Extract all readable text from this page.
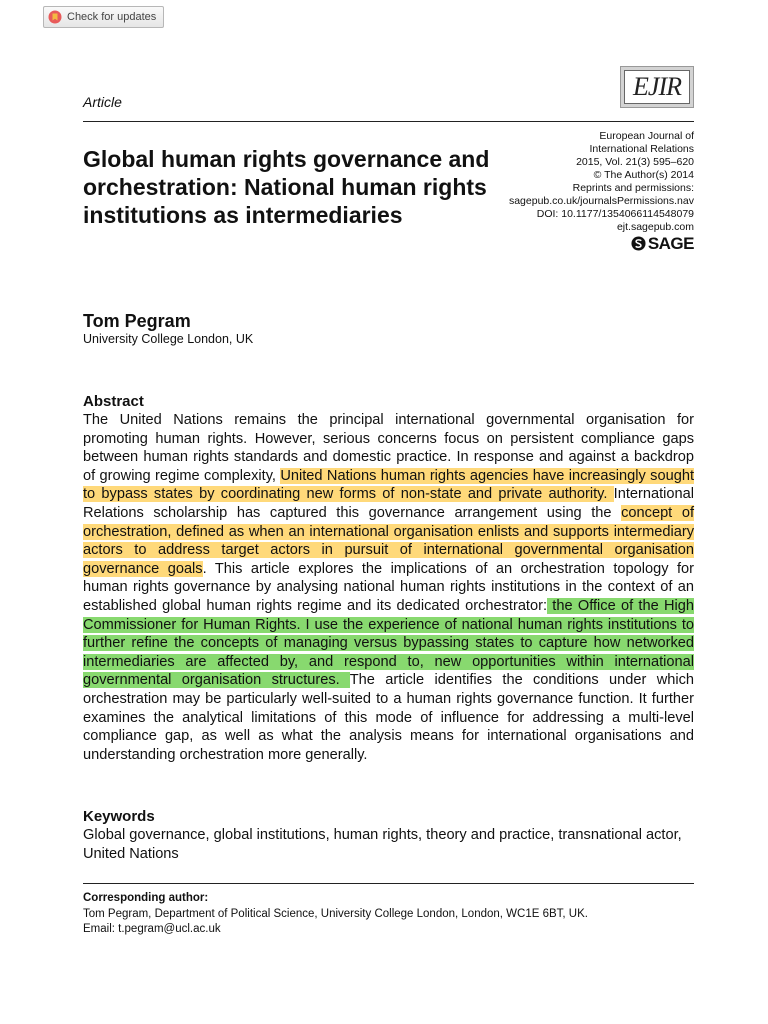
Check for updates
Article
EJIR
Global human rights governance and orchestration: National human rights institutions as intermediaries
European Journal of
International Relations
2015, Vol. 21(3) 595–620
© The Author(s) 2014
Reprints and permissions:
sagepub.co.uk/journalsPermissions.nav
DOI: 10.1177/1354066114548079
ejt.sagepub.com
SAGE
Tom Pegram
University College London, UK
Abstract

The United Nations remains the principal international governmental organisation for promoting human rights. However, serious concerns focus on persistent compliance gaps between human rights standards and domestic practice. In response and against a backdrop of growing regime complexity, United Nations human rights agencies have increasingly sought to bypass states by coordinating new forms of non-state and private authority. International Relations scholarship has captured this governance arrangement using the concept of orchestration, defined as when an international organisation enlists and supports intermediary actors to address target actors in pursuit of international governmental organisation governance goals. This article explores the implications of an orchestration topology for human rights governance by analysing national human rights institutions in the context of an established global human rights regime and its dedicated orchestrator: the Office of the High Commissioner for Human Rights. I use the experience of national human rights institutions to further refine the concepts of managing versus bypassing states to capture how networked intermediaries are affected by, and respond to, new opportunities within international governmental organisation structures. The article identifies the conditions under which orchestration may be particularly well-suited to a human rights governance function. It further examines the analytical limitations of this mode of influence for addressing a multi-level compliance gap, as well as what the analysis means for international organisations and understanding orchestration more generally.

Keywords

Global governance, global institutions, human rights, theory and practice, transnational actor, United Nations

Corresponding author:
Tom Pegram, Department of Political Science, University College London, London, WC1E 6BT, UK.
Email: t.pegram@ucl.ac.uk
